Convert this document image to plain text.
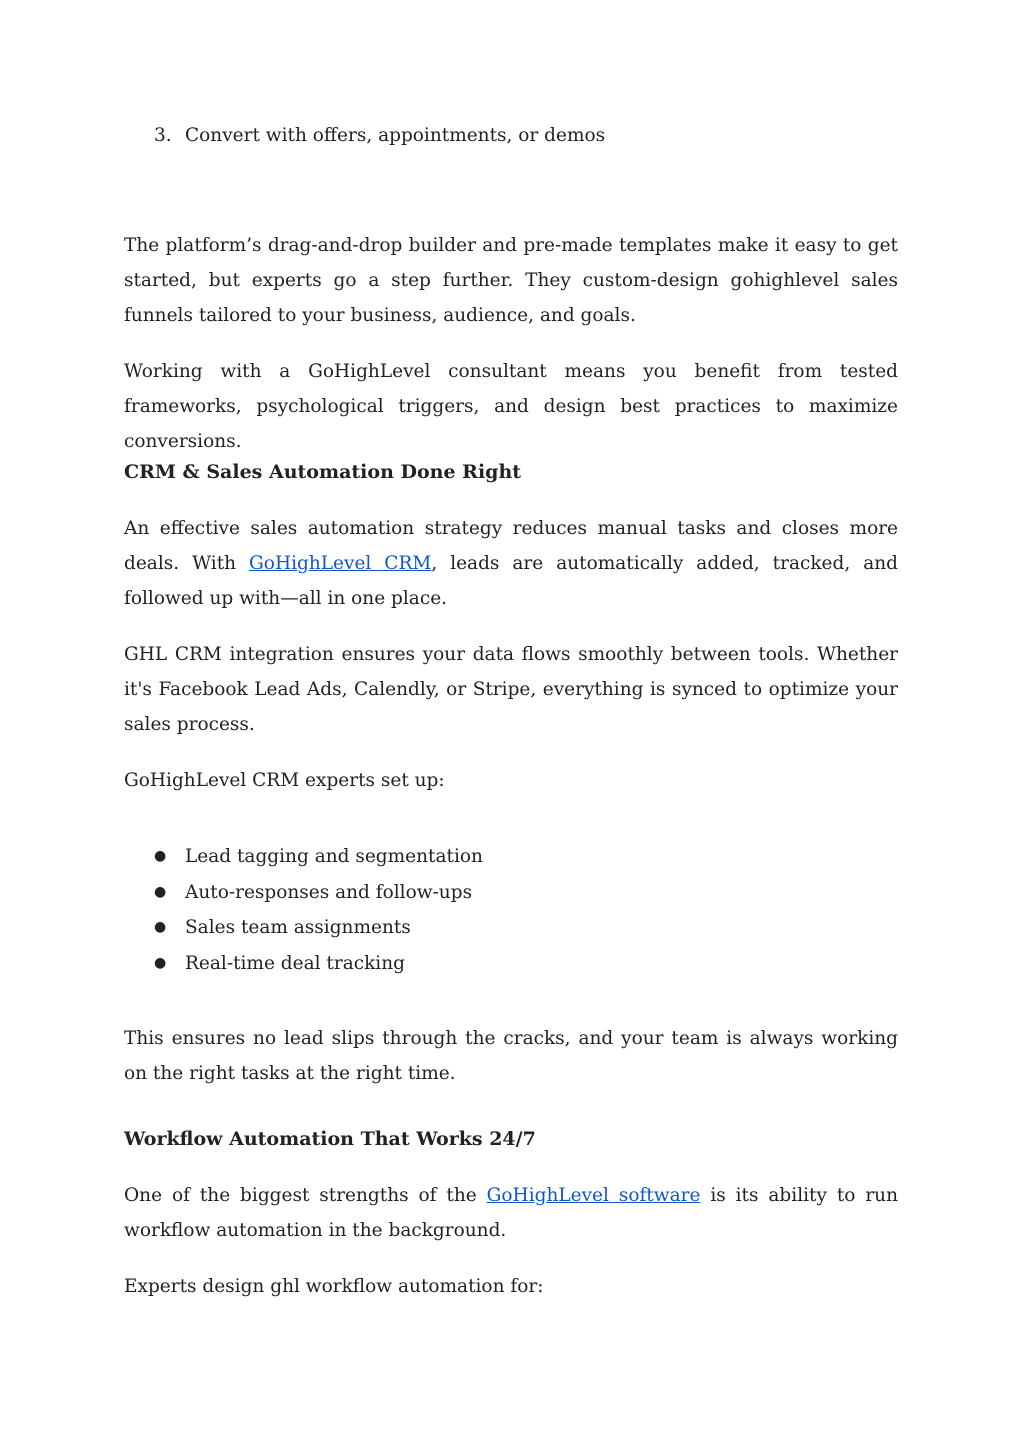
3. Convert with offers, appointments, or demos

The platform’s drag-and-drop builder and pre-made templates make it easy to get started, but experts go a step further. They custom-design gohighlevel sales funnels tailored to your business, audience, and goals.

Working with a GoHighLevel consultant means you benefit from tested frameworks, psychological triggers, and design best practices to maximize conversions.

CRM & Sales Automation Done Right

An effective sales automation strategy reduces manual tasks and closes more deals. With GoHighLevel CRM, leads are automatically added, tracked, and followed up with—all in one place.

GHL CRM integration ensures your data flows smoothly between tools. Whether it's Facebook Lead Ads, Calendly, or Stripe, everything is synced to optimize your sales process.

GoHighLevel CRM experts set up:

● Lead tagging and segmentation
● Auto-responses and follow-ups
● Sales team assignments
● Real-time deal tracking

This ensures no lead slips through the cracks, and your team is always working on the right tasks at the right time.

Workflow Automation That Works 24/7

One of the biggest strengths of the GoHighLevel software is its ability to run workflow automation in the background.

Experts design ghl workflow automation for:
